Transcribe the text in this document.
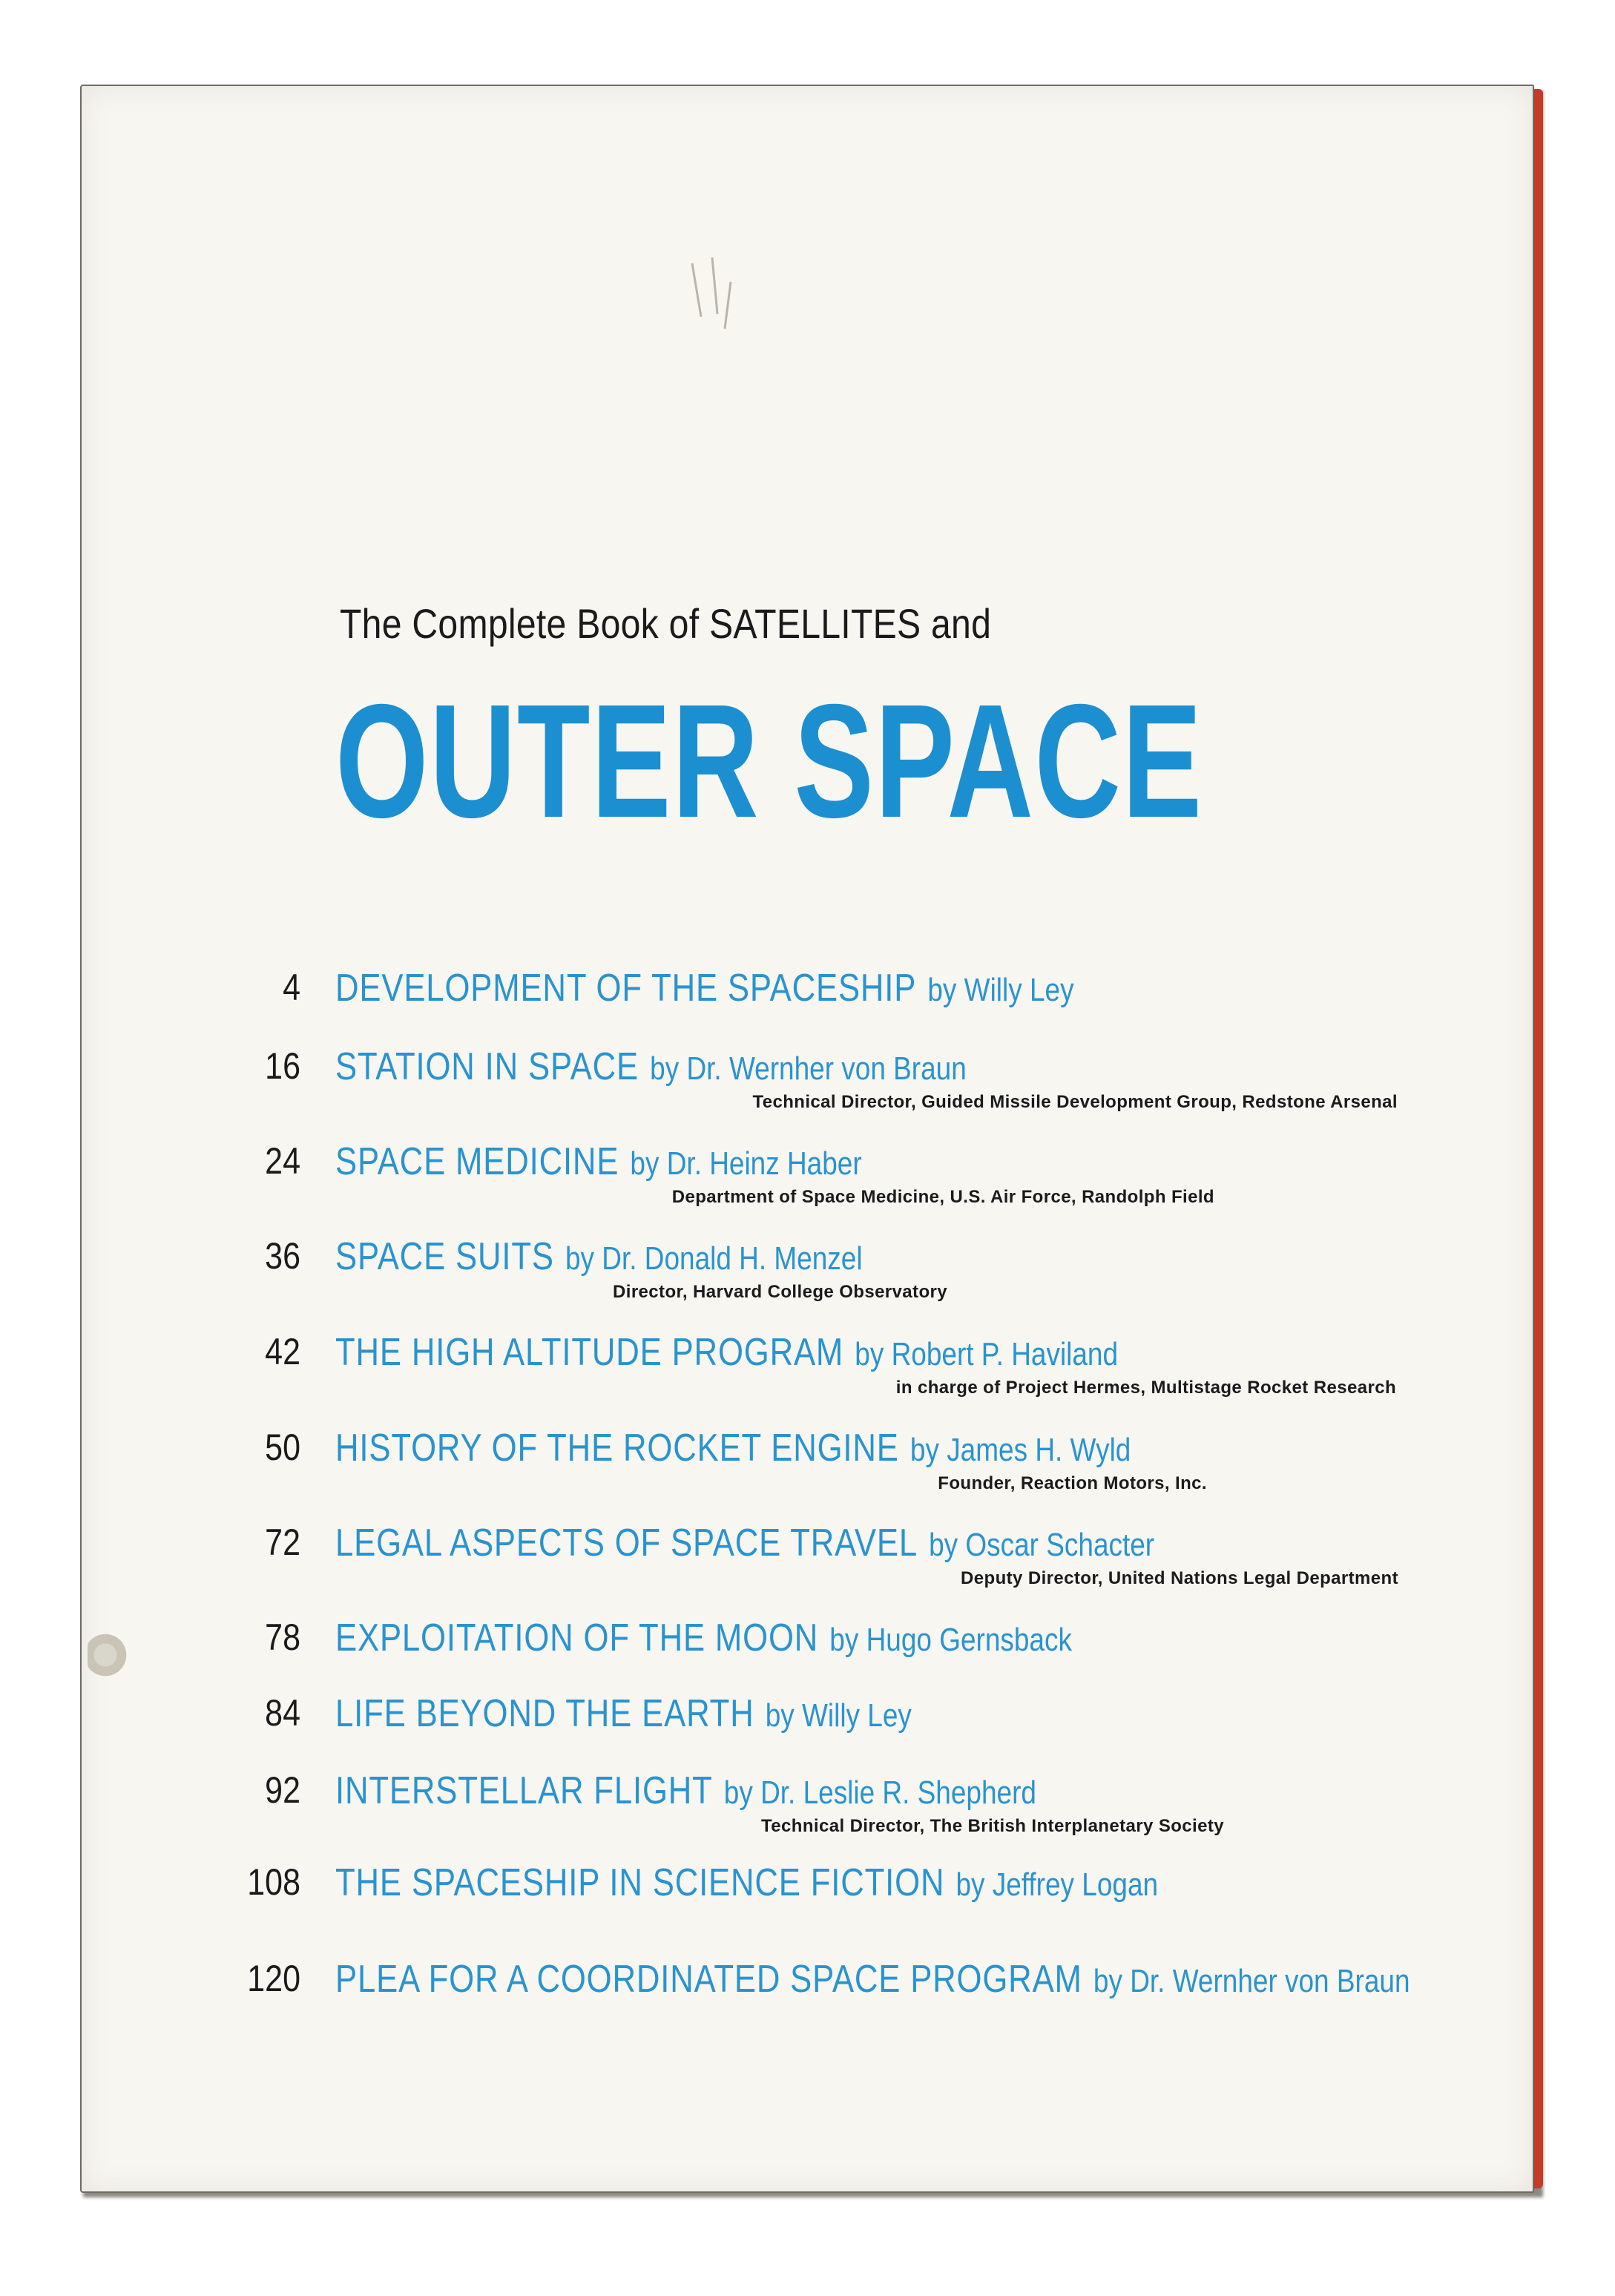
The Complete Book of SATELLITES and
OUTER SPACE
4 DEVELOPMENT OF THE SPACESHIP by Willy Ley
16 STATION IN SPACE by Dr. Wernher von Braun
Technical Director, Guided Missile Development Group, Redstone Arsenal
24 SPACE MEDICINE by Dr. Heinz Haber
Department of Space Medicine, U.S. Air Force, Randolph Field
36 SPACE SUITS by Dr. Donald H. Menzel
Director, Harvard College Observatory
42 THE HIGH ALTITUDE PROGRAM by Robert P. Haviland
in charge of Project Hermes, Multistage Rocket Research
50 HISTORY OF THE ROCKET ENGINE by James H. Wyld
Founder, Reaction Motors, Inc.
72 LEGAL ASPECTS OF SPACE TRAVEL by Oscar Schacter
Deputy Director, United Nations Legal Department
78 EXPLOITATION OF THE MOON by Hugo Gernsback
84 LIFE BEYOND THE EARTH by Willy Ley
92 INTERSTELLAR FLIGHT by Dr. Leslie R. Shepherd
Technical Director, The British Interplanetary Society
108 THE SPACESHIP IN SCIENCE FICTION by Jeffrey Logan
120 PLEA FOR A COORDINATED SPACE PROGRAM by Dr. Wernher von Braun
